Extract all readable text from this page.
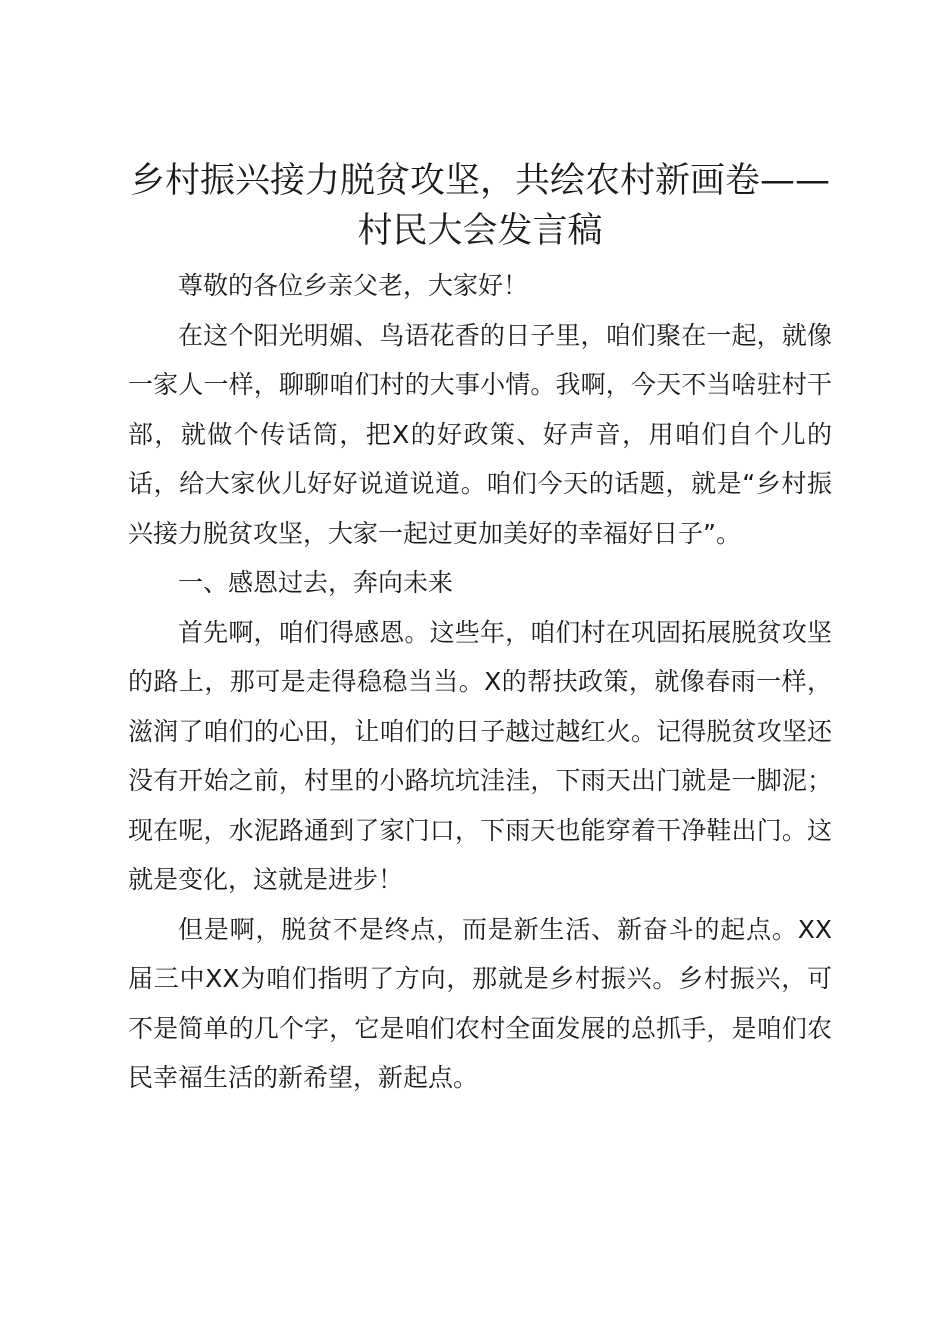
乡村振兴接力脱贫攻坚，共绘农村新画卷——村民大会发言稿

尊敬的各位乡亲父老，大家好！

在这个阳光明媚、鸟语花香的日子里，咱们聚在一起，就像一家人一样，聊聊咱们村的大事小情。我啊，今天不当啥驻村干部，就做个传话筒，把X的好政策、好声音，用咱们自个儿的话，给大家伙儿好好说道说道。咱们今天的话题，就是“乡村振兴接力脱贫攻坚，大家一起过更加美好的幸福好日子”。

一、感恩过去，奔向未来

首先啊，咱们得感恩。这些年，咱们村在巩固拓展脱贫攻坚的路上，那可是走得稳稳当当。X的帮扶政策，就像春雨一样，滋润了咱们的心田，让咱们的日子越过越红火。记得脱贫攻坚还没有开始之前，村里的小路坑坑洼洼，下雨天出门就是一脚泥；现在呢，水泥路通到了家门口，下雨天也能穿着干净鞋出门。这就是变化，这就是进步！

但是啊，脱贫不是终点，而是新生活、新奋斗的起点。XX届三中XX为咱们指明了方向，那就是乡村振兴。乡村振兴，可不是简单的几个字，它是咱们农村全面发展的总抓手，是咱们农民幸福生活的新希望，新起点。
